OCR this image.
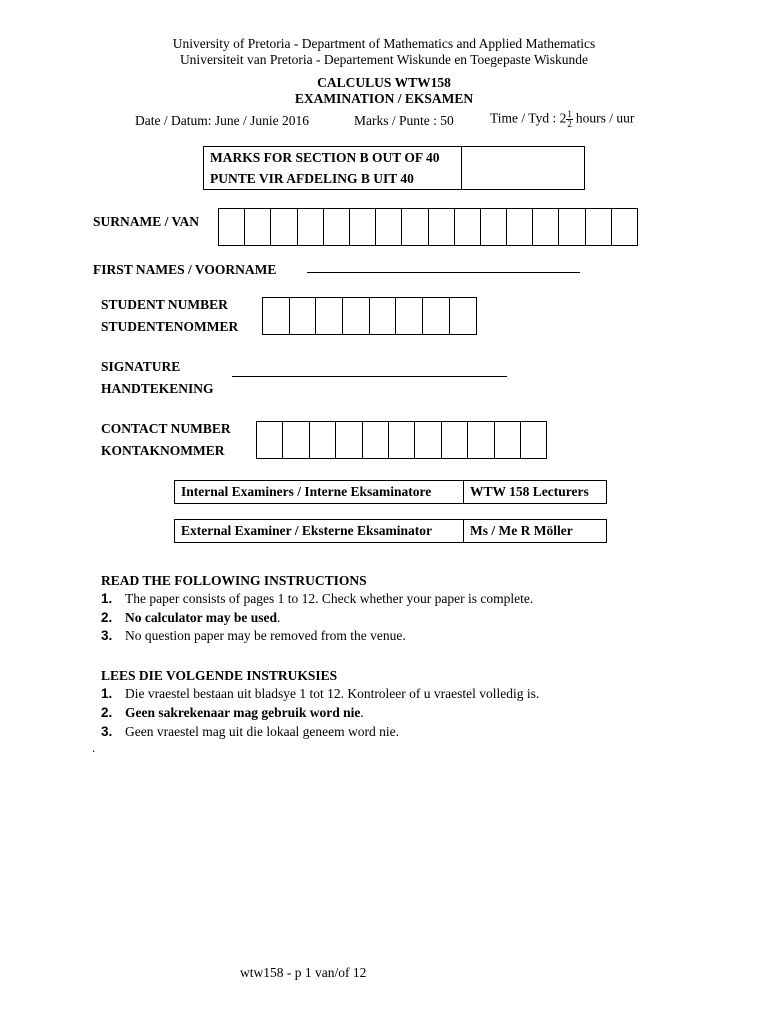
University of Pretoria - Department of Mathematics and Applied Mathematics
Universiteit van Pretoria - Departement Wiskunde en Toegepaste Wiskunde
CALCULUS WTW158
EXAMINATION / EKSAMEN
Date / Datum: June / Junie 2016	Marks / Punte : 50	Time / Tyd : $2 \frac{1}{2}$ hours / uur
MARKS FOR SECTION B OUT OF 40	
PUNTE VIR AFDELING B UIT 40
SURNAME / VAN
FIRST NAMES / VOORNAME
STUDENT NUMBER
STUDENTENOMMER
SIGNATURE
HANDTEKENING
CONTACT NUMBER
KONTAKNOMMER
Internal Examiners / Interne Eksaminatore	WTW 158 Lecturers
External Examiner / Eksterne Eksaminator	Ms / Me R Möller
READ THE FOLLOWING INSTRUCTIONS
1. The paper consists of pages 1 to 12. Check whether your paper is complete.
2. No calculator may be used.
3. No question paper may be removed from the venue.
LEES DIE VOLGENDE INSTRUKSIES
1. Die vraestel bestaan uit bladsye 1 tot 12. Kontroleer of u vraestel volledig is.
2. Geen sakrekenaar mag gebruik word nie.
3. Geen vraestel mag uit die lokaal geneem word nie.
.
wtw158 - p 1 van/of 12
